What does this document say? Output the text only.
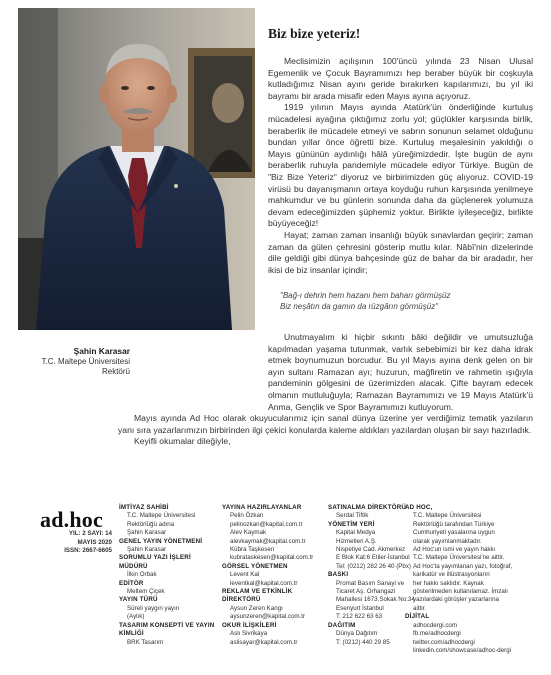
Biz bize yeteriz!

Meclisimizin açılışının 100'üncü yılında 23 Nisan Ulusal Egemenlik ve Çocuk Bayramımızı hep beraber büyük bir coşkuyla kutladığımız Nisan ayını geride bırakırken kapılarımızı, bu yıl iki bayramı bir arada misafir eden Mayıs ayına açıyoruz.

1919 yılının Mayıs ayında Atatürk'ün önderliğinde kurtuluş mücadelesi ayağına çıktığımız zorlu yol; güçlükler karşısında birlik, beraberlik ile mücadele etmeyi ve sabrın sonunun selamet olduğunu bundan yıllar önce öğretti bize. Kurtuluş meşalesinin yakıldığı o Mayıs gününün aydınlığı hâlâ yüreğimizdedir. İşte bugün de aynı beraberlik ruhuyla pandemiyle mücadele ediyor Türkiye. Bugün de "Biz Bize Yeteriz" diyoruz ve birbirimizden güç alıyoruz. COVID-19 virüsü bu dayanışmanın ortaya koyduğu ruhun karşısında yenilmeye mahkumdur ve bu günlerin sonunda daha da güçlenerek yolumuza devam edeceğimizden şüphemiz yoktur. Birlikte iyileşeceğiz, birlikte büyüyeceğiz!

Hayat; zaman zaman insanlığı büyük sınavlardan geçirir; zaman zaman da gülen çehresini gösterip mutlu kılar. Nâbî'nin dizelerinde dile geldiği gibi dünya bahçesinde güz de bahar da bir aradadır, her ikisi de biz insanlar içindir;

"Bağ-ı dehrin hem hazanı hem baharı görmüşüz
Biz neşâtın da gamın da rüzgârın görmüşüz"

Unutmayalım ki hiçbir sıkıntı bâki değildir ve umutsuzluğa kapılmadan yaşama tutunmak, varlık sebebimizi bir kez daha idrak etmek boynumuzun borcudur. Bu yıl Mayıs ayına denk gelen on bir ayın sultanı Ramazan ayı; huzurun, mağfiretin ve rahmetin ışığıyla pandeminin gölgesini de üzerimizden alacak. Çifte bayram edecek olmanın mutluluğuyla; Ramazan Bayramımızı ve 19 Mayıs Atatürk'ü Anma, Gençlik ve Spor Bayramımızı kutluyorum.

Mayıs ayında Ad Hoc olarak okuyucularımız için sanal dünya üzerine yer verdiğimiz tematik yazıların yanı sıra yazarlarımızın birbirinden ilgi çekici konularda kaleme aldıkları yazılardan oluşan bir sayı hazırladık.

Keyifli okumalar dileğiyle,

Şahin Karasar
T.C. Maltepe Üniversitesi
Rektörü
ad.hoc
YIL: 2 SAYI: 14
MAYIS 2020
ISSN: 2667-6605
İMTİYAZ SAHİBİ
T.C. Maltepe Üniversitesi
Rektörlüğü adına
Şahin Karasar
GENEL YAYIN YÖNETMENİ
Şahin Karasar
SORUMLU YAZI İŞLERİ MÜDÜRÜ
İlkin Orbak
EDİTÖR
Meltem Çiçek
YAYIN TÜRÜ
Süreli yaygın yayın
(Aylık)
TASARIM KONSEPTİ VE YAYIN KİMLİĞİ
BRK Tasarım
YAYINA HAZIRLAYANLAR
Pelin Özkan
pelinozkan@kapital.com.tr
Alev Kaymak
alevkaymak@kapital.com.tr
Kübra Taşkesen
kubrataskesen@kapital.com.tr
GÖRSEL YÖNETMEN
Levent Kal
leventkal@kapital.com.tr
REKLAM VE ETKİNLİK DİREKTÖRÜ
Aysun Zeren Kangı
aysunzeren@kapital.com.tr
OKUR İLİŞKİLERİ
Aslı Sivrikaya
aslisayar@kapital.com.tr
SATINALMA DİREKTÖRÜ
Serdal Tiftik
YÖNETİM YERİ
Kapital Medya
Hizmetleri A.Ş.
Nispetiye Cad. Akmerkez
E Blok Kat:6 Etiler-İstanbul
Tel: (0212) 282 26 40 (Pbx)
BASKI
Promat Basım Sanayi ve
Ticaret Aş. Orhangazi
Mahallesi 1673.Sokak No:34
Esenyurt İstanbul
T: 212 622 63 63
DAĞITIM
Dünya Dağıtım
T: (0212) 440 29 85
AD HOC,
T.C. Maltepe Üniversitesi
Rektörlüğü tarafından Türkiye
Cumhuriyeti yasalarına uygun
olarak yayımlanmaktadır.
Ad Hoc'un ismi ve yayın hakkı
T.C. Maltepe Üniversitesi'ne aittir.
Ad Hoc'ta yayımlanan yazı, fotoğraf,
karikatür ve illüstrasyonların
her hakkı saklıdır. Kaynak
gösterilmeden kullanılamaz. İmzalı
yazılardaki görüşler yazarlarına
aittir.
DİJİTAL
adhocdergi.com
fb.me/adhocdergi
twitter.com/adhocdergi
linkedin.com/showcase/adhoc-dergi
